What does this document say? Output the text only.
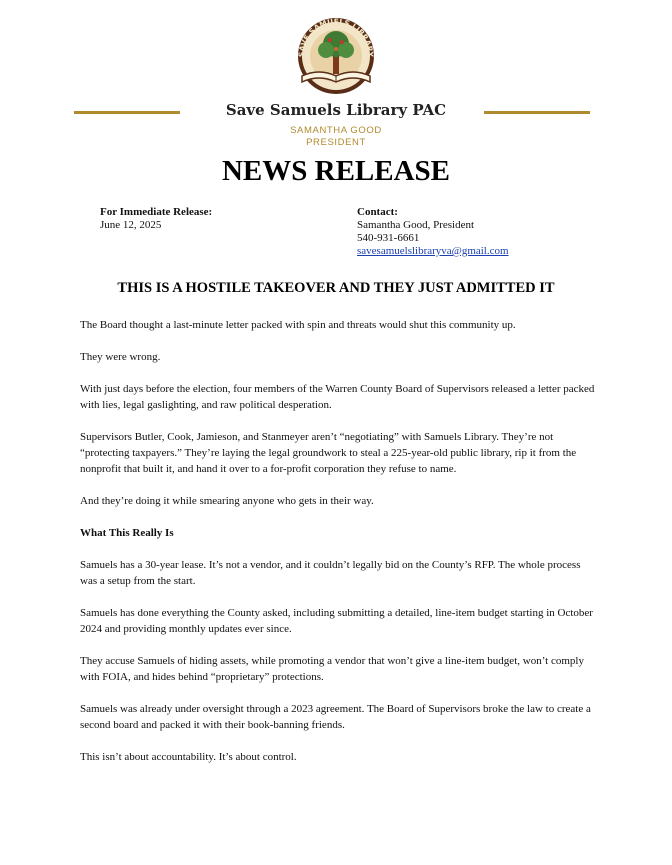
SAVE SAMUELS LIBRARY
Save Samuels Library PAC
SAMANTHA GOOD
PRESIDENT
NEWS RELEASE
For Immediate Release:
June 12, 2025
Contact:
Samantha Good, President
540-931-6661
savesamuelslibraryva@gmail.com
THIS IS A HOSTILE TAKEOVER AND THEY JUST ADMITTED IT

The Board thought a last-minute letter packed with spin and threats would shut this community up.

They were wrong.

With just days before the election, four members of the Warren County Board of Supervisors released a letter packed with lies, legal gaslighting, and raw political desperation.

Supervisors Butler, Cook, Jamieson, and Stanmeyer aren’t “negotiating” with Samuels Library. They’re not “protecting taxpayers.” They’re laying the legal groundwork to steal a 225-year-old public library, rip it from the nonprofit that built it, and hand it over to a for-profit corporation they refuse to name.

And they’re doing it while smearing anyone who gets in their way.

What This Really Is

Samuels has a 30-year lease. It’s not a vendor, and it couldn’t legally bid on the County’s RFP. The whole process was a setup from the start.

Samuels has done everything the County asked, including submitting a detailed, line-item budget starting in October 2024 and providing monthly updates ever since.

They accuse Samuels of hiding assets, while promoting a vendor that won’t give a line-item budget, won’t comply with FOIA, and hides behind “proprietary” protections.

Samuels was already under oversight through a 2023 agreement. The Board of Supervisors broke the law to create a second board and packed it with their book-banning friends.

This isn’t about accountability. It’s about control.
